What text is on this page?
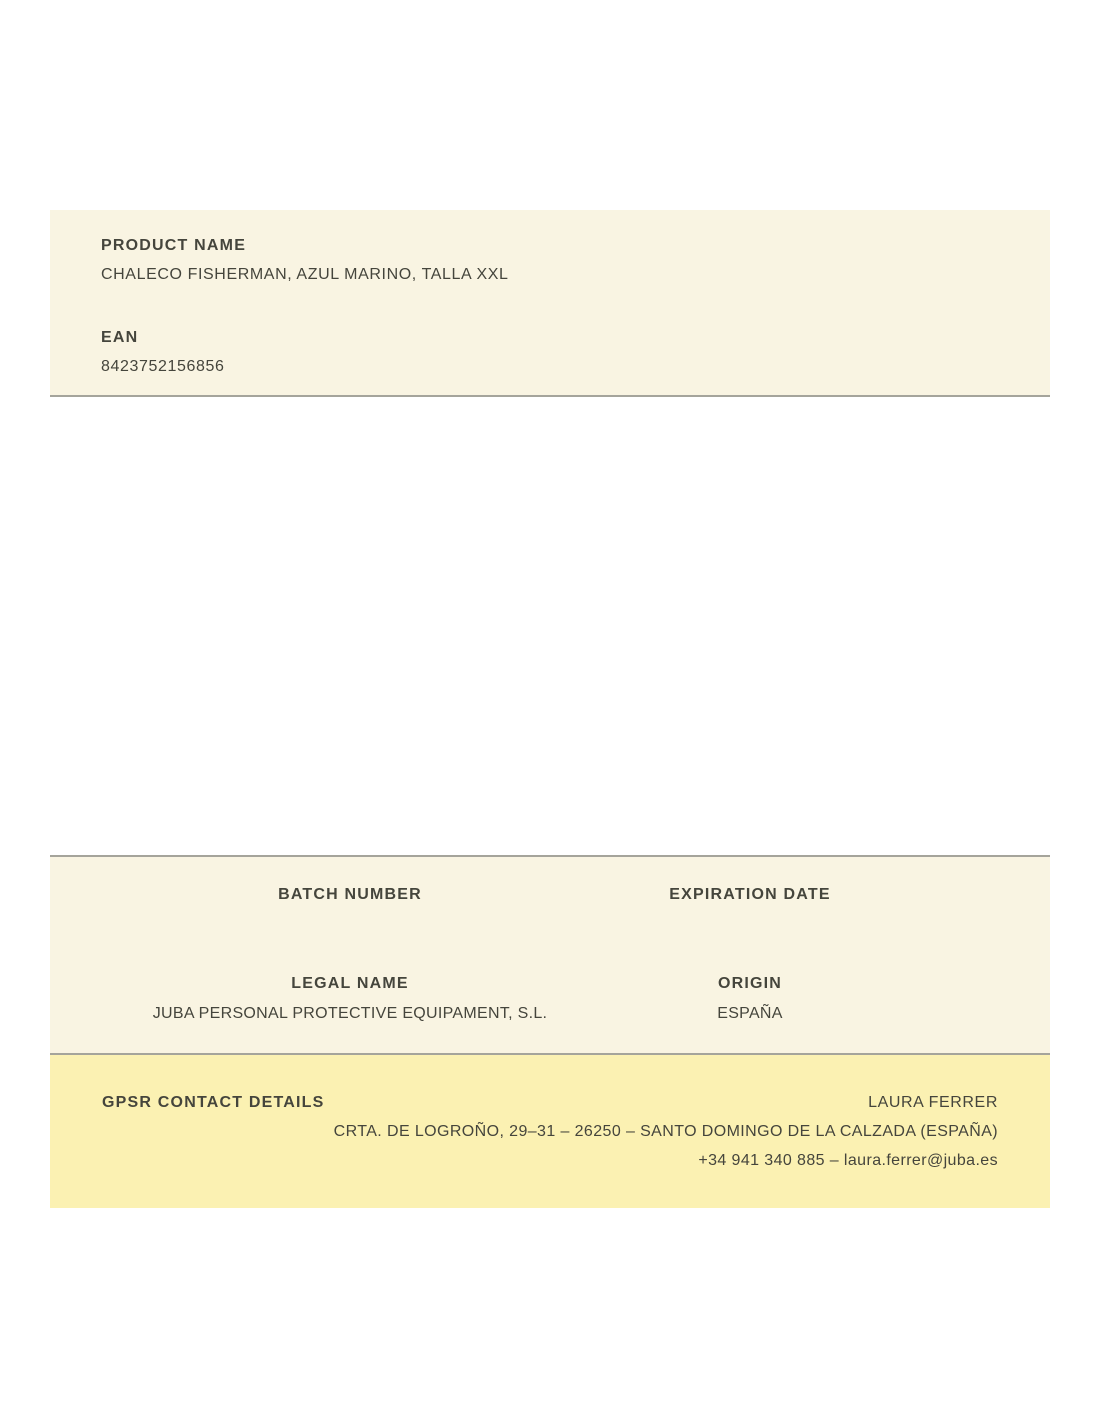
PRODUCT NAME
CHALECO FISHERMAN, AZUL MARINO, TALLA XXL
EAN
8423752156856
BATCH NUMBER	EXPIRATION DATE
LEGAL NAME
JUBA PERSONAL PROTECTIVE EQUIPAMENT, S.L.
ORIGIN
ESPAÑA
GPSR CONTACT DETAILS	LAURA FERRER
CRTA. DE LOGROÑO, 29–31 – 26250 – SANTO DOMINGO DE LA CALZADA (ESPAÑA)
+34 941 340 885 – laura.ferrer@juba.es
